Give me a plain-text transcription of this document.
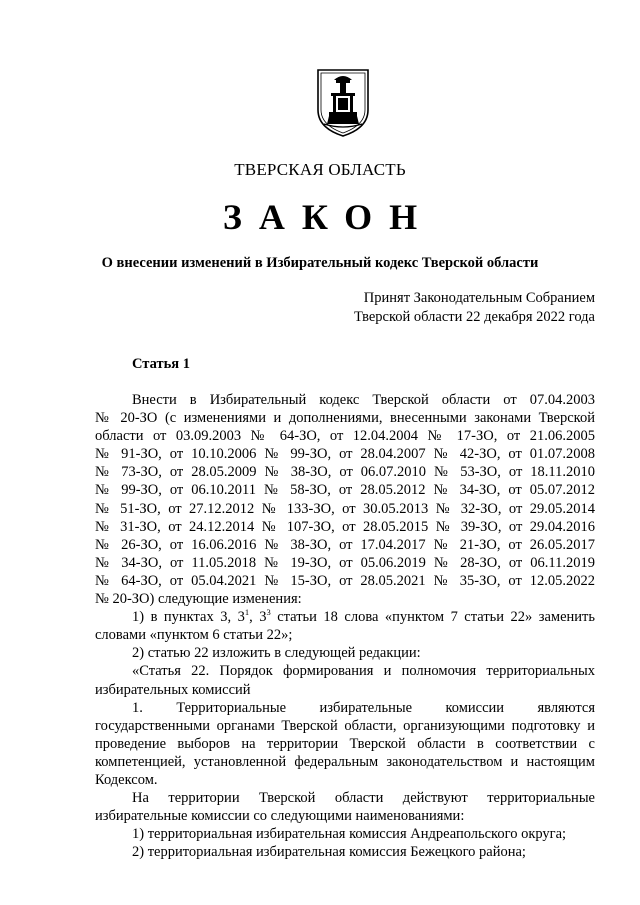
ТВЕРСКАЯ ОБЛАСТЬ
ЗАКОН
О внесении изменений в Избирательный кодекс Тверской области
Принят Законодательным Собранием
Тверской области 22 декабря 2022 года
Статья 1

Внести в Избирательный кодекс Тверской области от 07.04.2003

№ 20-ЗО (с изменениями и дополнениями, внесенными законами Тверской

области от 03.09.2003 № 64-ЗО, от 12.04.2004 № 17-ЗО, от 21.06.2005

№ 91-ЗО, от 10.10.2006 № 99-ЗО, от 28.04.2007 № 42-ЗО, от 01.07.2008

№ 73-ЗО, от 28.05.2009 № 38-ЗО, от 06.07.2010 № 53-ЗО, от 18.11.2010

№ 99-ЗО, от 06.10.2011 № 58-ЗО, от 28.05.2012 № 34-ЗО, от 05.07.2012

№ 51-ЗО, от 27.12.2012 № 133-ЗО, от 30.05.2013 № 32-ЗО, от 29.05.2014

№ 31-ЗО, от 24.12.2014 № 107-ЗО, от 28.05.2015 № 39-ЗО, от 29.04.2016

№ 26-ЗО, от 16.06.2016 № 38-ЗО, от 17.04.2017 № 21-ЗО, от 26.05.2017

№ 34-ЗО, от 11.05.2018 № 19-ЗО, от 05.06.2019 № 28-ЗО, от 06.11.2019

№ 64-ЗО, от 05.04.2021 № 15-ЗО, от 28.05.2021 № 35-ЗО, от 12.05.2022

№ 20-ЗО) следующие изменения:

1) в пунктах 3, $3^1$, $3^3$ статьи 18 слова «пунктом 7 статьи 22» заменить

словами «пунктом 6 статьи 22»;

2) статью 22 изложить в следующей редакции:

«Статья 22. Порядок формирования и полномочия территориальных

избирательных комиссий

1. Территориальные избирательные комиссии являются

государственными органами Тверской области, организующими подготовку и

проведение выборов на территории Тверской области в соответствии с

компетенцией, установленной федеральным законодательством и настоящим

Кодексом.

На территории Тверской области действуют территориальные

избирательные комиссии со следующими наименованиями:

1) территориальная избирательная комиссия Андреапольского округа;

2) территориальная избирательная комиссия Бежецкого района;
